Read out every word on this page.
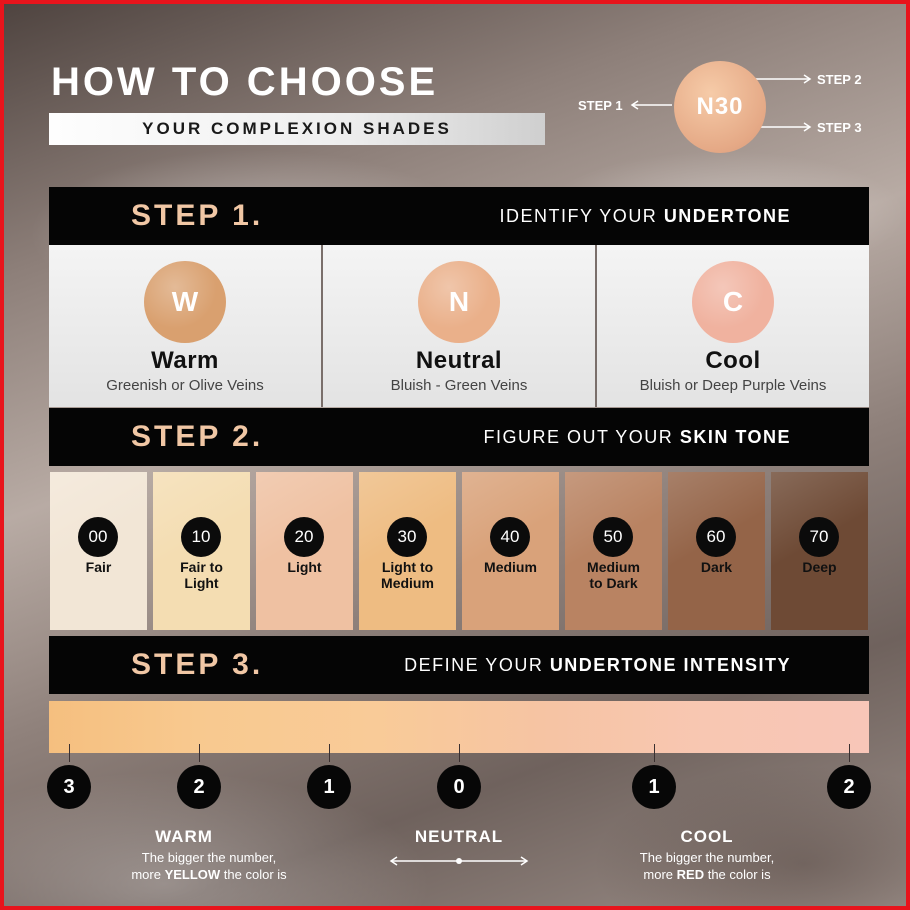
HOW TO CHOOSE
YOUR COMPLEXION SHADES
N30
STEP 1
STEP 2
STEP 3
STEP 1.	IDENTIFY YOUR UNDERTONE
W
Warm
Greenish or Olive Veins
N
Neutral
Bluish - Green Veins
C
Cool
Bluish or Deep Purple Veins
STEP 2.	FIGURE OUT YOUR SKIN TONE
00
Fair
10
Fair to
Light
20
Light
30
Light to
Medium
40
Medium
50
Medium
to Dark
60
Dark
70
Deep
STEP 3.	DEFINE YOUR UNDERTONE INTENSITY
3	2	1	0	1	2
WARM
The bigger the number,
more YELLOW the color is
NEUTRAL	COOL
The bigger the number,
more RED the color is
